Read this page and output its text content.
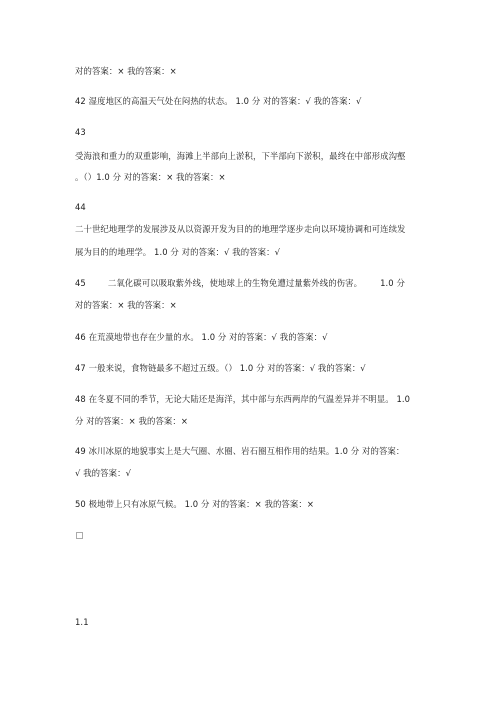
对的答案：× 我的答案：×
42 湿度地区的高温天气处在闷热的状态。 1.0 分 对的答案：√ 我的答案：√
43
受海浪和重力的双重影响，海滩上半部向上淤积，下半部向下淤积，最终在中部形成沟壑
。（）1.0 分 对的答案：× 我的答案：×
44
二十世纪地理学的发展涉及从以资源开发为目的的地理学逐步走向以环境协调和可连续发
展为目的的地理学。 1.0 分 对的答案：√ 我的答案：√
45	二氧化碳可以吸取紫外线，使地球上的生物免遭过量紫外线的伤害。 1.0 分
对的答案：× 我的答案：×
46 在荒漠地带也存在少量的水。 1.0 分 对的答案：√ 我的答案：√
47 一般来说，食物链最多不超过五级。（） 1.0 分 对的答案：√ 我的答案：√
48 在冬夏不同的季节，无论大陆还是海洋，其中部与东西两岸的气温差异并不明显。 1.0
分 对的答案：× 我的答案：×
49 冰川冰原的地貌事实上是大气圈、水圈、岩石圈互相作用的结果。1.0 分 对的答案：
√ 我的答案：√
50 极地带上只有冰原气候。 1.0 分 对的答案：× 我的答案：×
1.1
